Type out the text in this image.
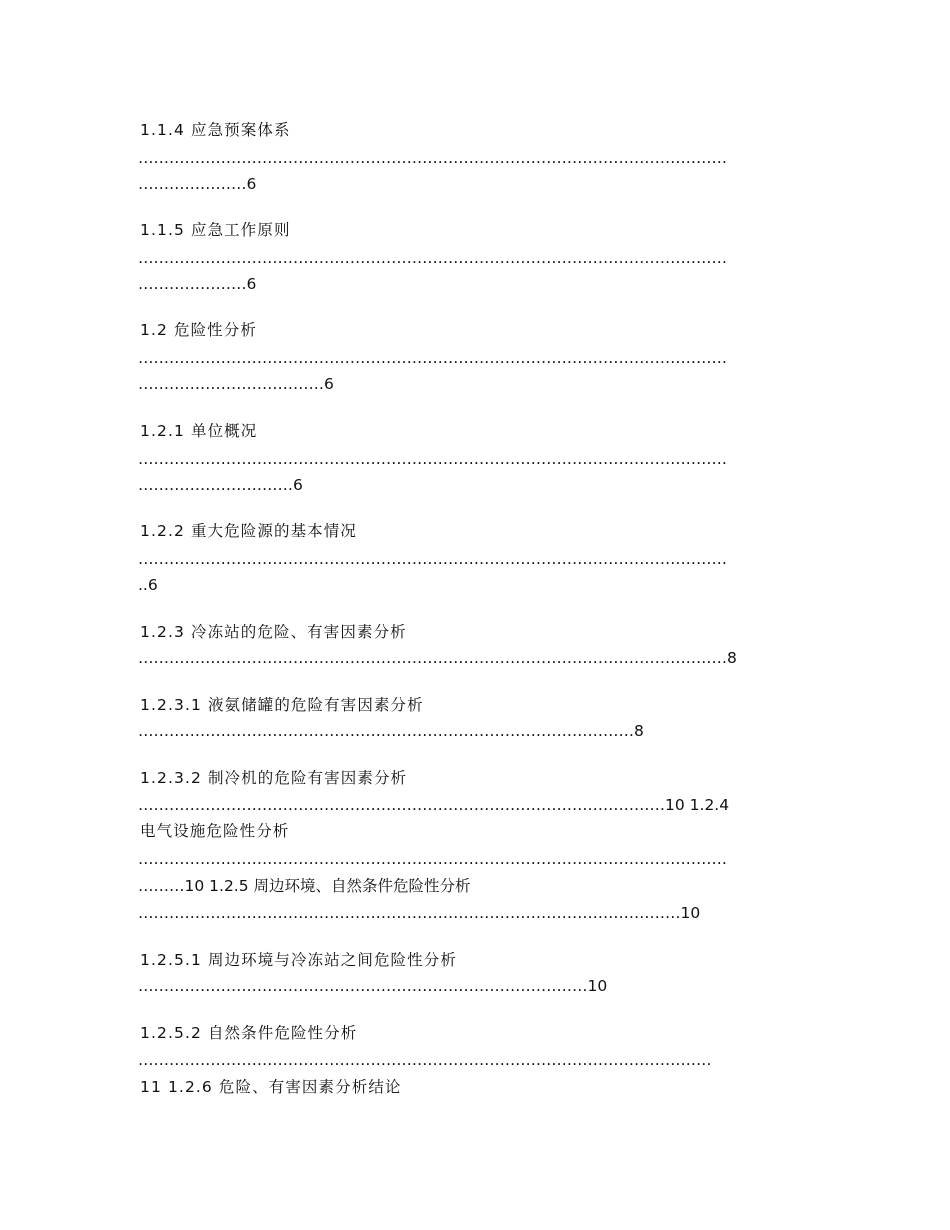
1.1.4 应急预案体系
……………………………………………………………………………………………………
…………………6
1.1.5 应急工作原则
……………………………………………………………………………………………………
…………………6
1.2 危险性分析
……………………………………………………………………………………………………
………………………………6
1.2.1 单位概况
……………………………………………………………………………………………………
…………………………6
1.2.2 重大危险源的基本情况
……………………………………………………………………………………………………
..6
1.2.3 冷冻站的危险、有害因素分析
……………………………………………………………………………………………………8
1.2.3.1 液氨储罐的危险有害因素分析
……………………………………………………………………………………8
1.2.3.2 制冷机的危险有害因素分析
…………………………………………………………………………………………10 1.2.4
电气设施危险性分析
……………………………………………………………………………………………………
………10 1.2.5 周边环境、自然条件危险性分析
……………………………………………………………………………………………10
1.2.5.1 周边环境与冷冻站之间危险性分析
……………………………………………………………………………10
1.2.5.2 自然条件危险性分析
…………………………………………………………………………………………………
11 1.2.6 危险、有害因素分析结论
